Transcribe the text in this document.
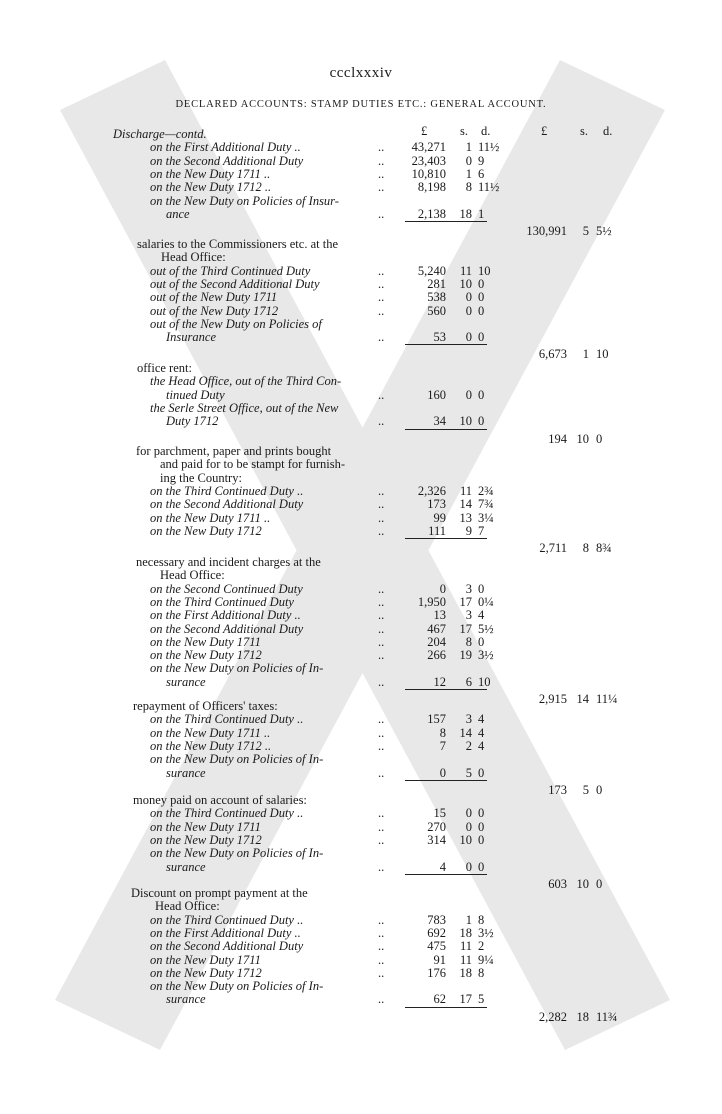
ccclxxxiv
DECLARED ACCOUNTS: STAMP DUTIES ETC.: GENERAL ACCOUNT.
£	s. d.	£	s. d.
Discharge—contd.
on the First Additional Duty ..	.. 43,271 1 11½
on the Second Additional Duty	.. 23,403 0 9
on the New Duty 1711 ..	.. 10,810 1 6
on the New Duty 1712 ..	..	8,198 8 11½
on the New Duty on Policies of Insur-
ance	..	2,138 18 1
130,991 5 5½
salaries to the Commissioners etc. at the
Head Office:
out of the Third Continued Duty	..	5,240 11 10
out of the Second Additional Duty	..	281 10 0
out of the New Duty 1711	..	538 0 0
out of the New Duty 1712	..	560 0 0
out of the New Duty on Policies of
Insurance	..	53 0 0
6,673 1 10
office rent:
the Head Office, out of the Third Con-
tinued Duty	..	160 0 0
the Serle Street Office, out of the New
Duty 1712	..	34 10 0
194 10 0
for parchment, paper and prints bought
and paid for to be stampt for furnish-
ing the Country:
on the Third Continued Duty ..	..	2,326 11 2¾
on the Second Additional Duty	..	173 14 7¾
on the New Duty 1711 ..	..	99 13 3¼
on the New Duty 1712	..	111 9 7
2,711 8 8¾
necessary and incident charges at the
Head Office:
on the Second Continued Duty	..	0 3 0
on the Third Continued Duty	..	1,950 17 0¼
on the First Additional Duty ..	..	13 3 4
on the Second Additional Duty	..	467 17 5½
on the New Duty 1711	..	204 8 0
on the New Duty 1712	..	266 19 3½
on the New Duty on Policies of In-
surance	..	12 6 10
2,915 14 11¼
repayment of Officers' taxes:
on the Third Continued Duty ..	..	157 3 4
on the New Duty 1711 ..	..	8 14 4
on the New Duty 1712 ..	..	7 2 4
on the New Duty on Policies of In-
surance	..	0 5 0
173 5 0
money paid on account of salaries:
on the Third Continued Duty ..	..	15 0 0
on the New Duty 1711	..	270 0 0
on the New Duty 1712	..	314 10 0
on the New Duty on Policies of In-
surance	..	4 0 0
603 10 0
Discount on prompt payment at the
Head Office:
on the Third Continued Duty ..	..	783 1 8
on the First Additional Duty ..	..	692 18 3½
on the Second Additional Duty	..	475 11 2
on the New Duty 1711	..	91 11 9¼
on the New Duty 1712	..	176 18 8
on the New Duty on Policies of In-
surance	..	62 17 5
2,282 18 11¾
